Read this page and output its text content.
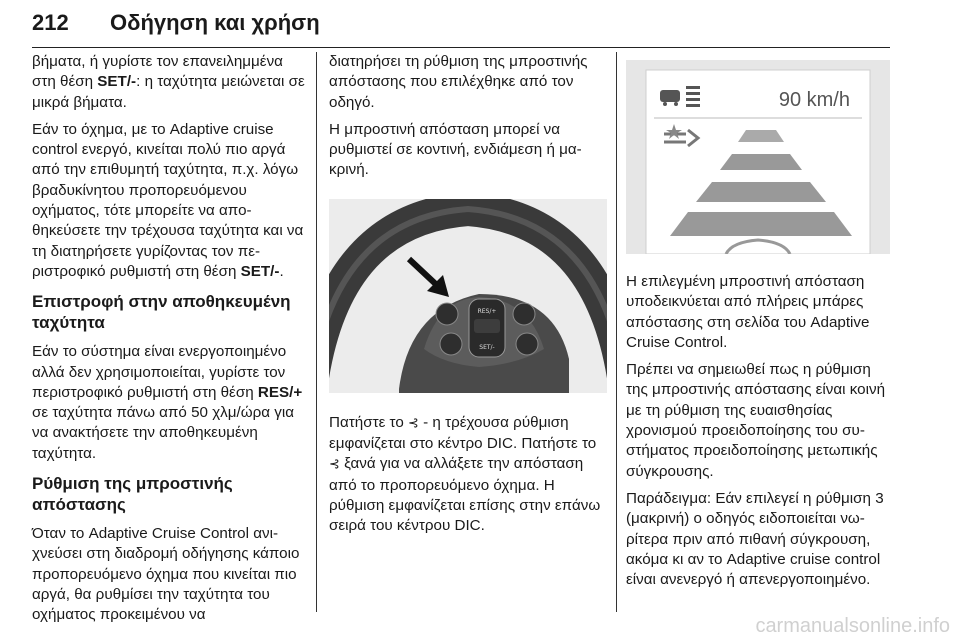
212 Οδήγηση και χρήση

βήματα, ή γυρίστε τον επανειλημμένα στη θέση SET/-: η ταχύτητα μειώνεται σε μικρά βήματα.

Εάν το όχημα, με το Adaptive cruise control ενεργό, κινείται πολύ πιο αργά από την επιθυμητή ταχύτητα, π.χ. λόγω βραδυκίνητου προπορευόμενου οχήματος, τότε μπορείτε να αποθηκεύσετε την τρέχουσα ταχύτητα και να τη διατηρήσετε γυρίζοντας τον περιστροφικό ρυθμιστή στη θέση SET/-.

Επιστροφή στην αποθηκευμένη ταχύτητα

Εάν το σύστημα είναι ενεργοποιημένο αλλά δεν χρησιμοποιείται, γυρίστε τον περιστροφικό ρυθμιστή στη θέση RES/+ σε ταχύτητα πάνω από 50 χλμ/ώρα για να ανακτήσετε την αποθηκευμένη ταχύτητα.

Ρύθμιση της μπροστινής απόστασης

Όταν το Adaptive Cruise Control ανιχνεύσει στη διαδρομή οδήγησης κάποιο προπορευόμενο όχημα που κινείται πιο αργά, θα ρυθμίσει την ταχύτητα του οχήματος προκειμένου να

διατηρήσει τη ρύθμιση της μπροστινής απόστασης που επιλέχθηκε από τον οδηγό.

Η μπροστινή απόσταση μπορεί να ρυθμιστεί σε κοντινή, ενδιάμεση ή μακρινή.

RES/+
SET/-

Πατήστε το ⊰ - η τρέχουσα ρύθμιση εμφανίζεται στο κέντρο DIC. Πατήστε το ⊰ ξανά για να αλλάξετε την απόσταση από το προπορευόμενο όχημα. Η ρύθμιση εμφανίζεται επίσης στην επάνω σειρά του κέντρου DIC.

90 km/h

Η επιλεγμένη μπροστινή απόσταση υποδεικνύεται από πλήρεις μπάρες απόστασης στη σελίδα του Adaptive Cruise Control.

Πρέπει να σημειωθεί πως η ρύθμιση της μπροστινής απόστασης είναι κοινή με τη ρύθμιση της ευαισθησίας χρονισμού προειδοποίησης του συστήματος προειδοποίησης μετωπικής σύγκρουσης.

Παράδειγμα: Εάν επιλεγεί η ρύθμιση 3 (μακρινή) ο οδηγός ειδοποιείται νωρίτερα πριν από πιθανή σύγκρουση, ακόμα κι αν το Adaptive cruise control είναι ανενεργό ή απενεργοποιημένο.

carmanualsonline.info
